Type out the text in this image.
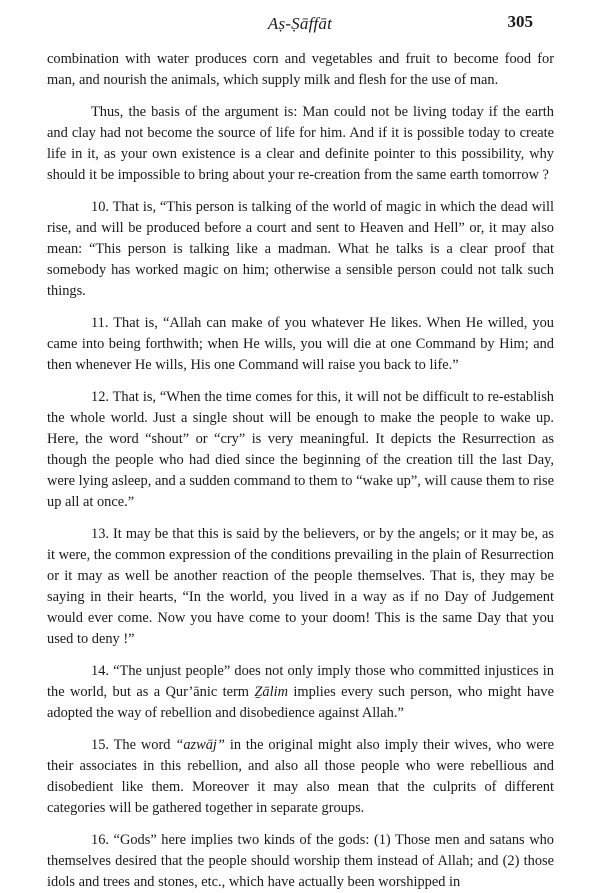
Aṣ-Ṣāffāt	305

combination with water produces corn and vegetables and fruit to become food for man, and nourish the animals, which supply milk and flesh for the use of man.

Thus, the basis of the argument is: Man could not be living today if the earth and clay had not become the source of life for him. And if it is possible today to create life in it, as your own existence is a clear and definite pointer to this possibility, why should it be impossible to bring about your re-creation from the same earth tomorrow ?

10. That is, “This person is talking of the world of magic in which the dead will rise, and will be produced before a court and sent to Heaven and Hell” or, it may also mean: “This person is talking like a madman. What he talks is a clear proof that somebody has worked magic on him; otherwise a sensible person could not talk such things.

11. That is, “Allah can make of you whatever He likes. When He willed, you came into being forthwith; when He wills, you will die at one Command by Him; and then whenever He wills, His one Command will raise you back to life.”

12. That is, “When the time comes for this, it will not be difficult to re-establish the whole world. Just a single shout will be enough to make the people to wake up. Here, the word “shout” or “cry” is very meaningful. It depicts the Resurrection as though the people who had died since the beginning of the creation till the last Day, were lying asleep, and a sudden command to them to “wake up”, will cause them to rise up all at once.”

13. It may be that this is said by the believers, or by the angels; or it may be, as it were, the common expression of the conditions prevailing in the plain of Resurrection or it may as well be another reaction of the people themselves. That is, they may be saying in their hearts, “In the world, you lived in a way as if no Day of Judgement would ever come. Now you have come to your doom! This is the same Day that you used to deny !”

14. “The unjust people” does not only imply those who committed injustices in the world, but as a Qur’ānic term Ẕālim implies every such person, who might have adopted the way of rebellion and disobedience against Allah.”

15. The word “azwāj” in the original might also imply their wives, who were their associates in this rebellion, and also all those people who were rebellious and disobedient like them. Moreover it may also mean that the culprits of different categories will be gathered together in separate groups.

16. “Gods” here implies two kinds of the gods: (1) Those men and satans who themselves desired that the people should worship them instead of Allah; and (2) those idols and trees and stones, etc., which have actually been worshipped in
